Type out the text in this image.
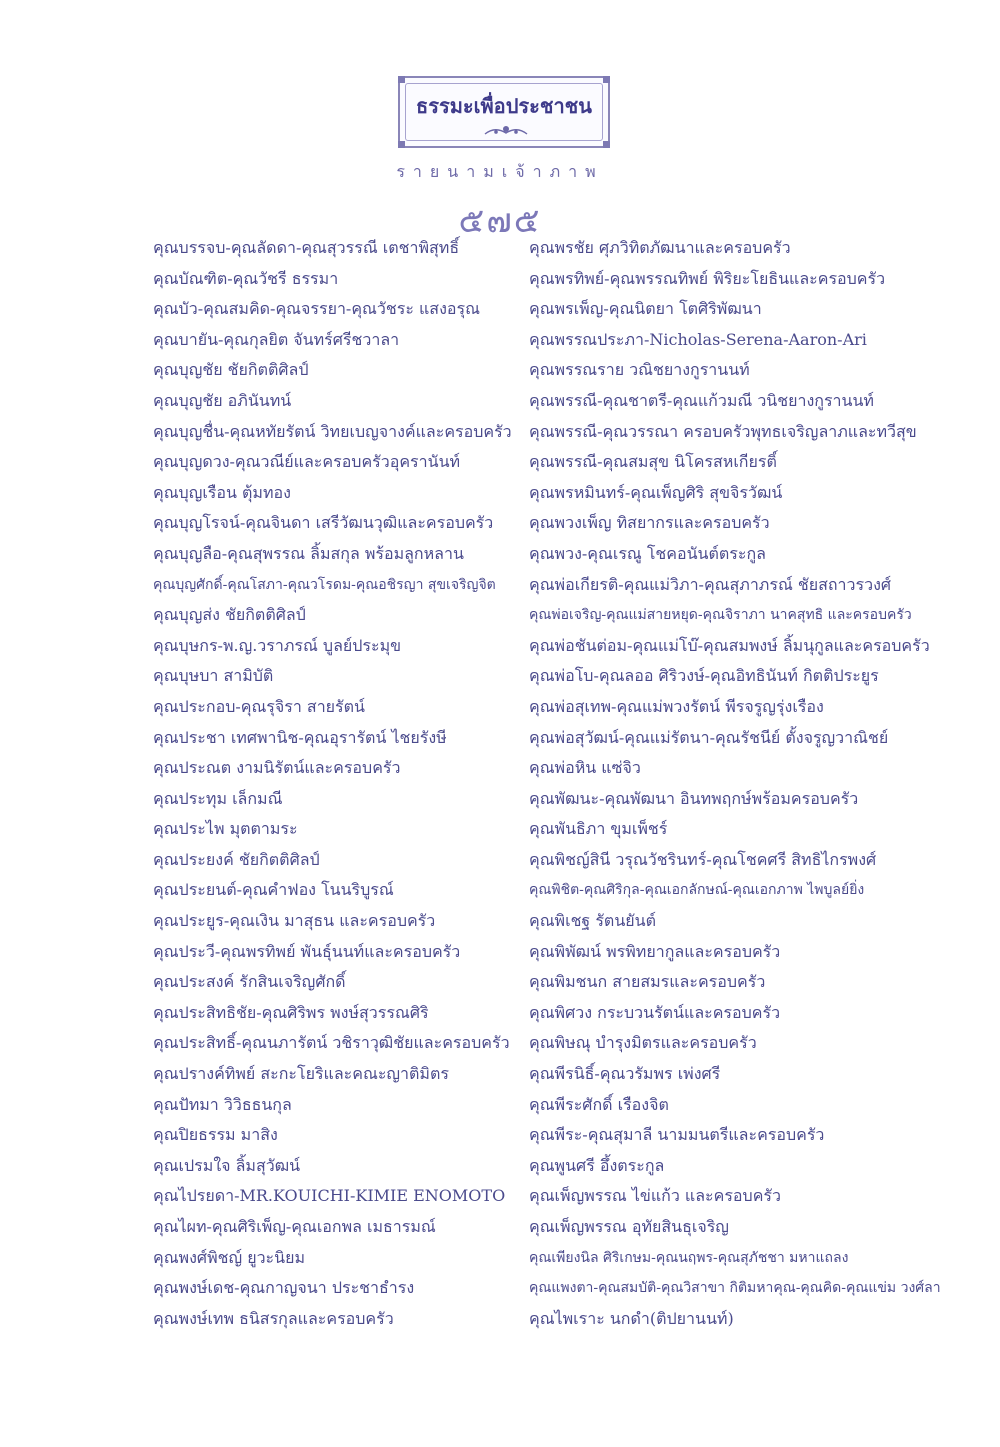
ธรรมะเพื่อประชาชน
รายนามเจ้าภาพ
๕๗๕
คุณบรรจบ-คุณลัดดา-คุณสุวรรณี เตชาพิสุทธิ์
คุณบัณฑิต-คุณวัชรี ธรรมา
คุณบัว-คุณสมคิด-คุณจรรยา-คุณวัชระ แสงอรุณ
คุณบายัน-คุณกุลยิต จันทร์ศรีชวาลา
คุณบุญชัย ชัยกิตติศิลป์
คุณบุญชัย อภินันทน์
คุณบุญชื่น-คุณหทัยรัตน์ วิทยเบญจางค์และครอบครัว
คุณบุญดวง-คุณวณีย์และครอบครัวอุครานันท์
คุณบุญเรือน ตุ้มทอง
คุณบุญโรจน์-คุณจินดา เสรีวัฒนวุฒิและครอบครัว
คุณบุญลือ-คุณสุพรรณ ลิ้มสกุล พร้อมลูกหลาน
คุณบุญศักดิ์-คุณโสภา-คุณวโรดม-คุณอชิรญา สุขเจริญจิต
คุณบุญส่ง ชัยกิตติศิลป์
คุณบุษกร-พ.ญ.วราภรณ์ บูลย์ประมุข
คุณบุษบา สามิบัติ
คุณประกอบ-คุณรุจิรา สายรัตน์
คุณประชา เทศพานิช-คุณอุรารัตน์ ไชยรังษี
คุณประณต งามนิรัตน์และครอบครัว
คุณประทุม เล็กมณี
คุณประไพ มุตตามระ
คุณประยงค์ ชัยกิตติศิลป์
คุณประยนต์-คุณคำฟอง โนนริบูรณ์
คุณประยูร-คุณเงิน มาสุธน และครอบครัว
คุณประวี-คุณพรทิพย์ พันธุ์นนท์และครอบครัว
คุณประสงค์ รักสินเจริญศักดิ์
คุณประสิทธิชัย-คุณศิริพร พงษ์สุวรรณศิริ
คุณประสิทธิ์-คุณนภารัตน์ วชิราวุฒิชัยและครอบครัว
คุณปรางค์ทิพย์ สะกะโยริและคณะญาติมิตร
คุณปัทมา วิวิธธนกุล
คุณปิยธรรม มาสิง
คุณเปรมใจ ลิ้มสุวัฒน์
คุณไปรยดา-MR.KOUICHI-KIMIE ENOMOTO
คุณไผท-คุณศิริเพ็ญ-คุณเอกพล เมธารมณ์
คุณพงศ์พิชญ์ ยูวะนิยม
คุณพงษ์เดช-คุณกาญจนา ประชาธำรง
คุณพงษ์เทพ ธนิสรกุลและครอบครัว
คุณพรชัย ศุภวิทิตภัฒนาและครอบครัว
คุณพรทิพย์-คุณพรรณทิพย์ พิริยะโยธินและครอบครัว
คุณพรเพ็ญ-คุณนิตยา โตศิริพัฒนา
คุณพรรณประภา-Nicholas-Serena-Aaron-Ari
คุณพรรณราย วณิชยางกูรานนท์
คุณพรรณี-คุณชาตรี-คุณแก้วมณี วนิชยางกูรานนท์
คุณพรรณี-คุณวรรณา ครอบครัวพุทธเจริญลาภและทวีสุข
คุณพรรณี-คุณสมสุข นิโครสหเกียรติ์
คุณพรหมินทร์-คุณเพ็ญศิริ สุขจิรวัฒน์
คุณพวงเพ็ญ ทิสยากรและครอบครัว
คุณพวง-คุณเรณู โชคอนันต์ตระกูล
คุณพ่อเกียรติ-คุณแม่วิภา-คุณสุภาภรณ์ ชัยสถาวรวงศ์
คุณพ่อเจริญ-คุณแม่สายหยุด-คุณจิราภา นาคสุทธิ และครอบครัว
คุณพ่อชันต่อม-คุณแม่โบ๊-คุณสมพงษ์ ลิ้มนุกูลและครอบครัว
คุณพ่อโบ-คุณลออ ศิริวงษ์-คุณอิทธินันท์ กิตติประยูร
คุณพ่อสุเทพ-คุณแม่พวงรัตน์ พีรจรูญรุ่งเรือง
คุณพ่อสุวัฒน์-คุณแม่รัตนา-คุณรัชนีย์ ตั้งจรูญวาณิชย์
คุณพ่อหิน แซ่จิว
คุณพัฒนะ-คุณพัฒนา อินทพฤกษ์พร้อมครอบครัว
คุณพันธิภา ขุมเพ็ชร์
คุณพิชญ์สินี วรุณวัชรินทร์-คุณโชคศรี สิทธิไกรพงศ์
คุณพิชิต-คุณศิริกุล-คุณเอกลักษณ์-คุณเอกภาพ ไพบูลย์ยิ่ง
คุณพิเชฐ รัตนยันต์
คุณพิพัฒน์ พรพิทยากูลและครอบครัว
คุณพิมชนก สายสมรและครอบครัว
คุณพิศวง กระบวนรัตน์และครอบครัว
คุณพิษณุ บำรุงมิตรและครอบครัว
คุณพีรนิธิ์-คุณวรัมพร เพ่งศรี
คุณพีระศักดิ์ เรืองจิต
คุณพีระ-คุณสุมาลี นามมนตรีและครอบครัว
คุณพูนศรี อึ้งตระกูล
คุณเพ็ญพรรณ ไข่แก้ว และครอบครัว
คุณเพ็ญพรรณ อุทัยสินธุเจริญ
คุณเพียงนิล ศิริเกษม-คุณนฤพร-คุณสุภัชชา มหาแถลง
คุณแพงตา-คุณสมบัติ-คุณวิสาขา กิติมหาคุณ-คุณคิด-คุณแข่ม วงศ์ลา
คุณไพเราะ นกดำ(ติปยานนท์)
